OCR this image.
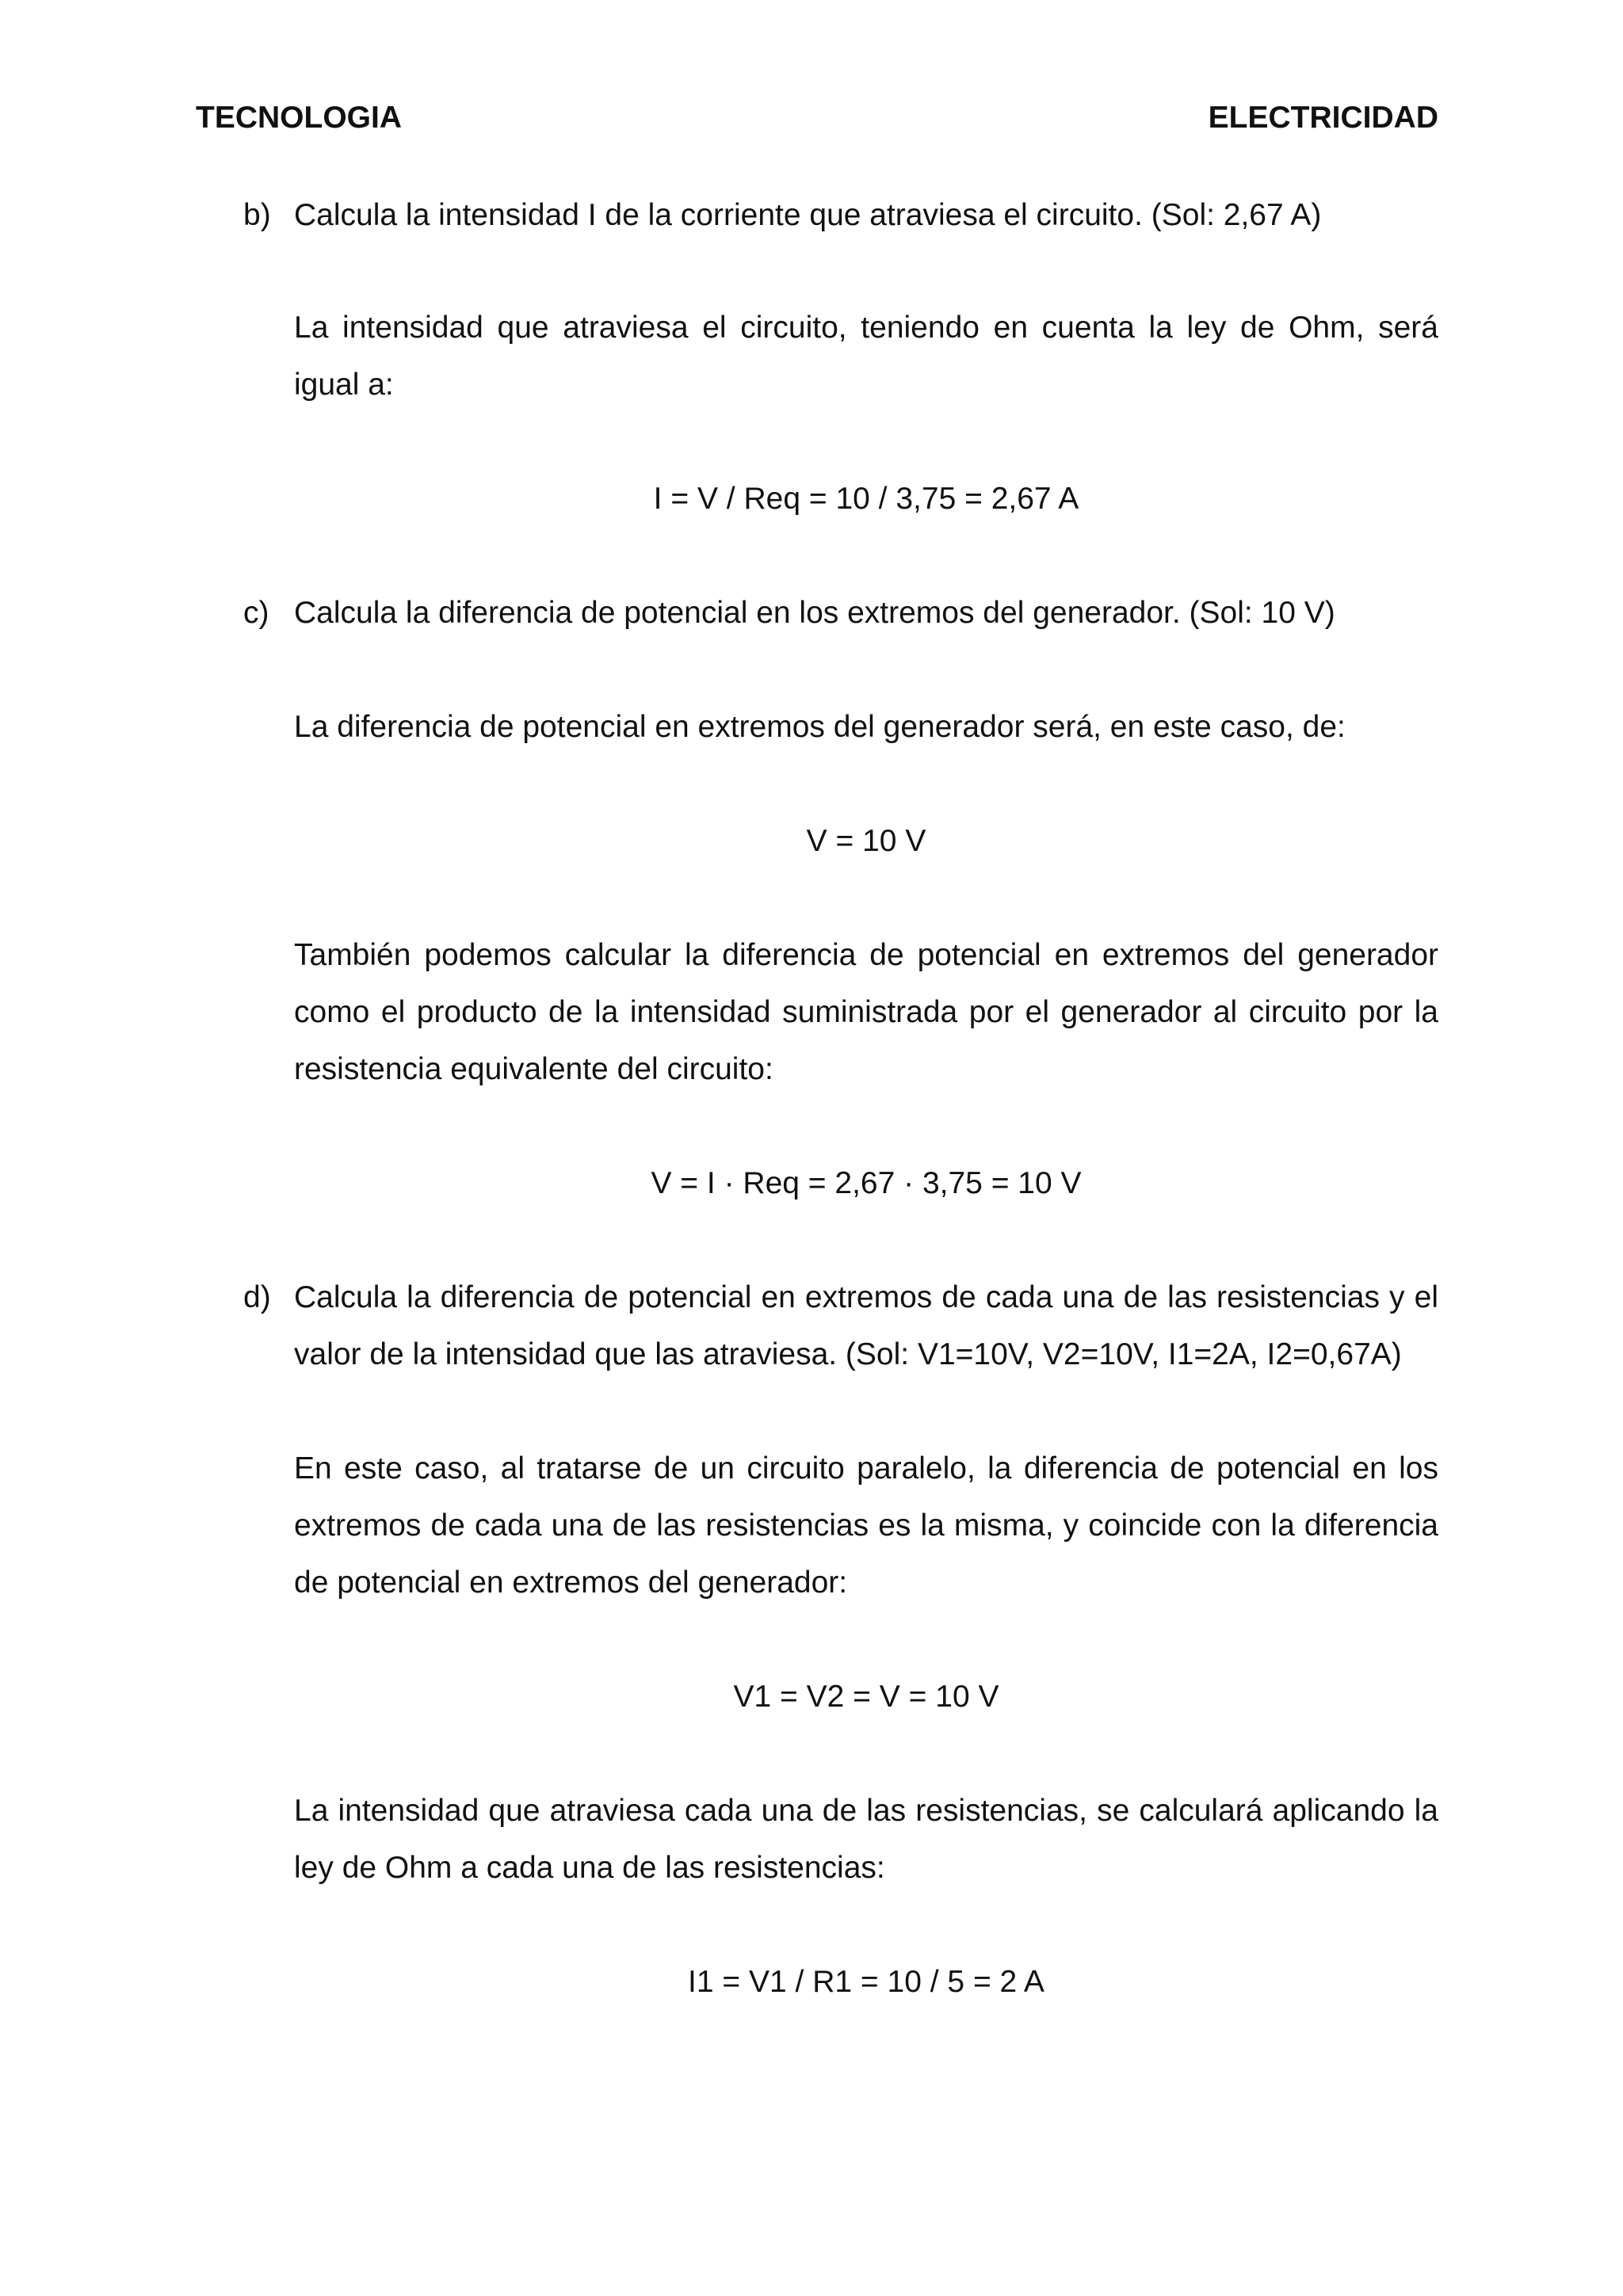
TECNOLOGIA	ELECTRICIDAD
b) Calcula la intensidad I de la corriente que atraviesa el circuito. (Sol: 2,67 A)
La intensidad que atraviesa el circuito, teniendo en cuenta la ley de Ohm, será igual a:
I = V / Req = 10 / 3,75 = 2,67 A
c) Calcula la diferencia de potencial en los extremos del generador. (Sol: 10 V)
La diferencia de potencial en extremos del generador será, en este caso, de:
V = 10 V
También podemos calcular la diferencia de potencial en extremos del generador como el producto de la intensidad suministrada por el generador al circuito por la resistencia equivalente del circuito:
V = I · Req = 2,67 · 3,75 = 10 V
d) Calcula la diferencia de potencial en extremos de cada una de las resistencias y el valor de la intensidad que las atraviesa. (Sol: V1=10V, V2=10V, I1=2A, I2=0,67A)
En este caso, al tratarse de un circuito paralelo, la diferencia de potencial en los extremos de cada una de las resistencias es la misma, y coincide con la diferencia de potencial en extremos del generador:
V1 = V2 = V = 10 V
La intensidad que atraviesa cada una de las resistencias, se calculará aplicando la ley de Ohm a cada una de las resistencias:
I1 = V1 / R1 = 10 / 5 = 2 A
